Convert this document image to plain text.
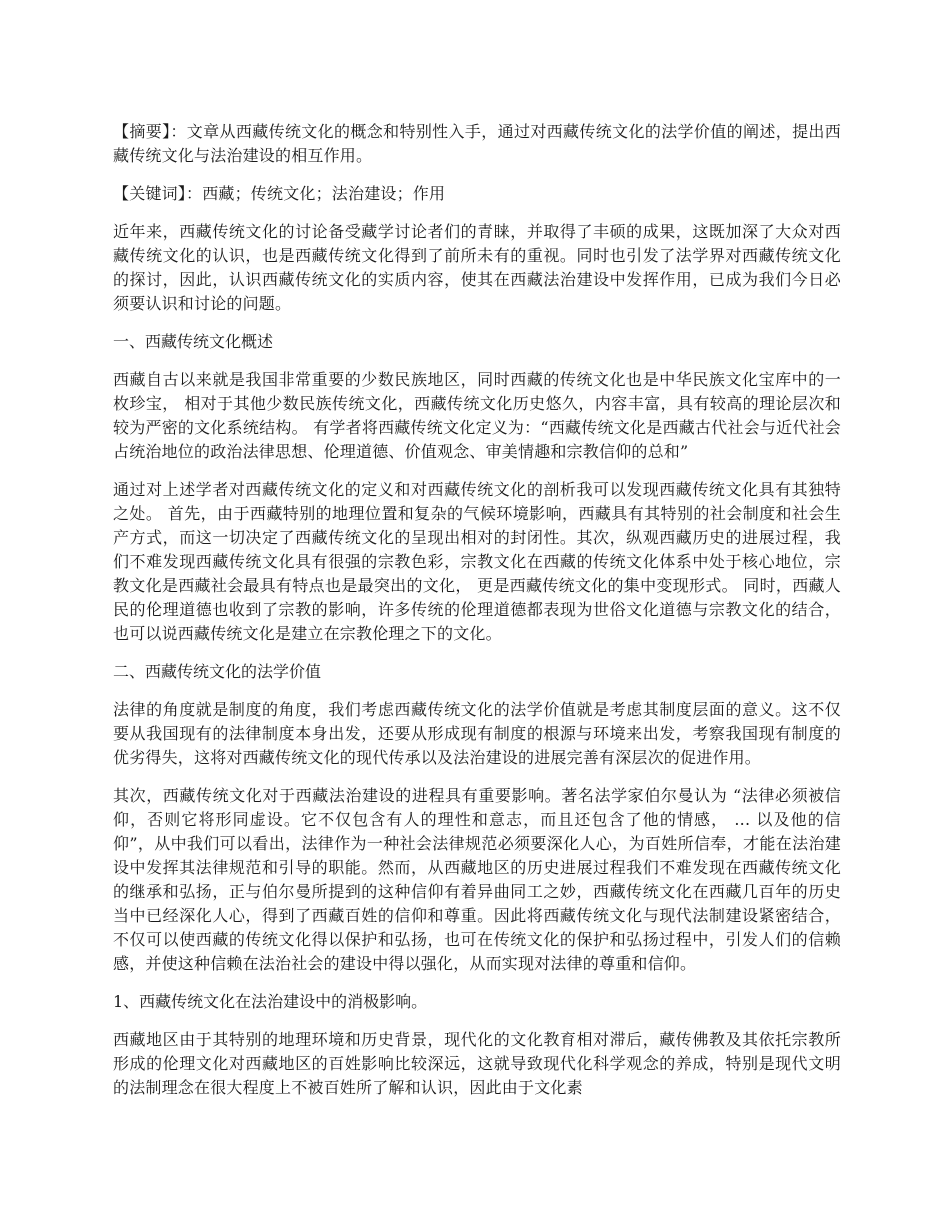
【摘要】：文章从西藏传统文化的概念和特别性入手，通过对西藏传统文化的法学价值的阐述，提出西藏传统文化与法治建设的相互作用。

【关键词】：西藏；传统文化；法治建设；作用

近年来，西藏传统文化的讨论备受藏学讨论者们的青睐，并取得了丰硕的成果，这既加深了大众对西藏传统文化的认识，也是西藏传统文化得到了前所未有的重视。同时也引发了法学界对西藏传统文化的探讨，因此，认识西藏传统文化的实质内容，使其在西藏法治建设中发挥作用，已成为我们今日必须要认识和讨论的问题。

一、西藏传统文化概述

西藏自古以来就是我国非常重要的少数民族地区，同时西藏的传统文化也是中华民族文化宝库中的一枚珍宝， 相对于其他少数民族传统文化，西藏传统文化历史悠久，内容丰富，具有较高的理论层次和较为严密的文化系统结构。 有学者将西藏传统文化定义为：“西藏传统文化是西藏古代社会与近代社会占统治地位的政治法律思想、伦理道德、价值观念、审美情趣和宗教信仰的总和”

通过对上述学者对西藏传统文化的定义和对西藏传统文化的剖析我可以发现西藏传统文化具有其独特之处。 首先，由于西藏特别的地理位置和复杂的气候环境影响，西藏具有其特别的社会制度和社会生产方式，而这一切决定了西藏传统文化的呈现出相对的封闭性。其次，纵观西藏历史的进展过程，我们不难发现西藏传统文化具有很强的宗教色彩，宗教文化在西藏的传统文化体系中处于核心地位，宗教文化是西藏社会最具有特点也是最突出的文化， 更是西藏传统文化的集中变现形式。 同时，西藏人民的伦理道德也收到了宗教的影响，许多传统的伦理道德都表现为世俗文化道德与宗教文化的结合，也可以说西藏传统文化是建立在宗教伦理之下的文化。

二、西藏传统文化的法学价值

法律的角度就是制度的角度，我们考虑西藏传统文化的法学价值就是考虑其制度层面的意义。这不仅要从我国现有的法律制度本身出发，还要从形成现有制度的根源与环境来出发，考察我国现有制度的优劣得失，这将对西藏传统文化的现代传承以及法治建设的进展完善有深层次的促进作用。

其次，西藏传统文化对于西藏法治建设的进程具有重要影响。著名法学家伯尔曼认为 “法律必须被信仰，否则它将形同虚设。它不仅包含有人的理性和意志，而且还包含了他的情感， ... 以及他的信仰”，从中我们可以看出，法律作为一种社会法律规范必须要深化人心，为百姓所信奉，才能在法治建设中发挥其法律规范和引导的职能。然而，从西藏地区的历史进展过程我们不难发现在西藏传统文化的继承和弘扬，正与伯尔曼所提到的这种信仰有着异曲同工之妙，西藏传统文化在西藏几百年的历史当中已经深化人心，得到了西藏百姓的信仰和尊重。因此将西藏传统文化与现代法制建设紧密结合，不仅可以使西藏的传统文化得以保护和弘扬，也可在传统文化的保护和弘扬过程中，引发人们的信赖感，并使这种信赖在法治社会的建设中得以强化，从而实现对法律的尊重和信仰。

1、西藏传统文化在法治建设中的消极影响。

西藏地区由于其特别的地理环境和历史背景，现代化的文化教育相对滞后，藏传佛教及其依托宗教所形成的伦理文化对西藏地区的百姓影响比较深远，这就导致现代化科学观念的养成，特别是现代文明的法制理念在很大程度上不被百姓所了解和认识，因此由于文化素
